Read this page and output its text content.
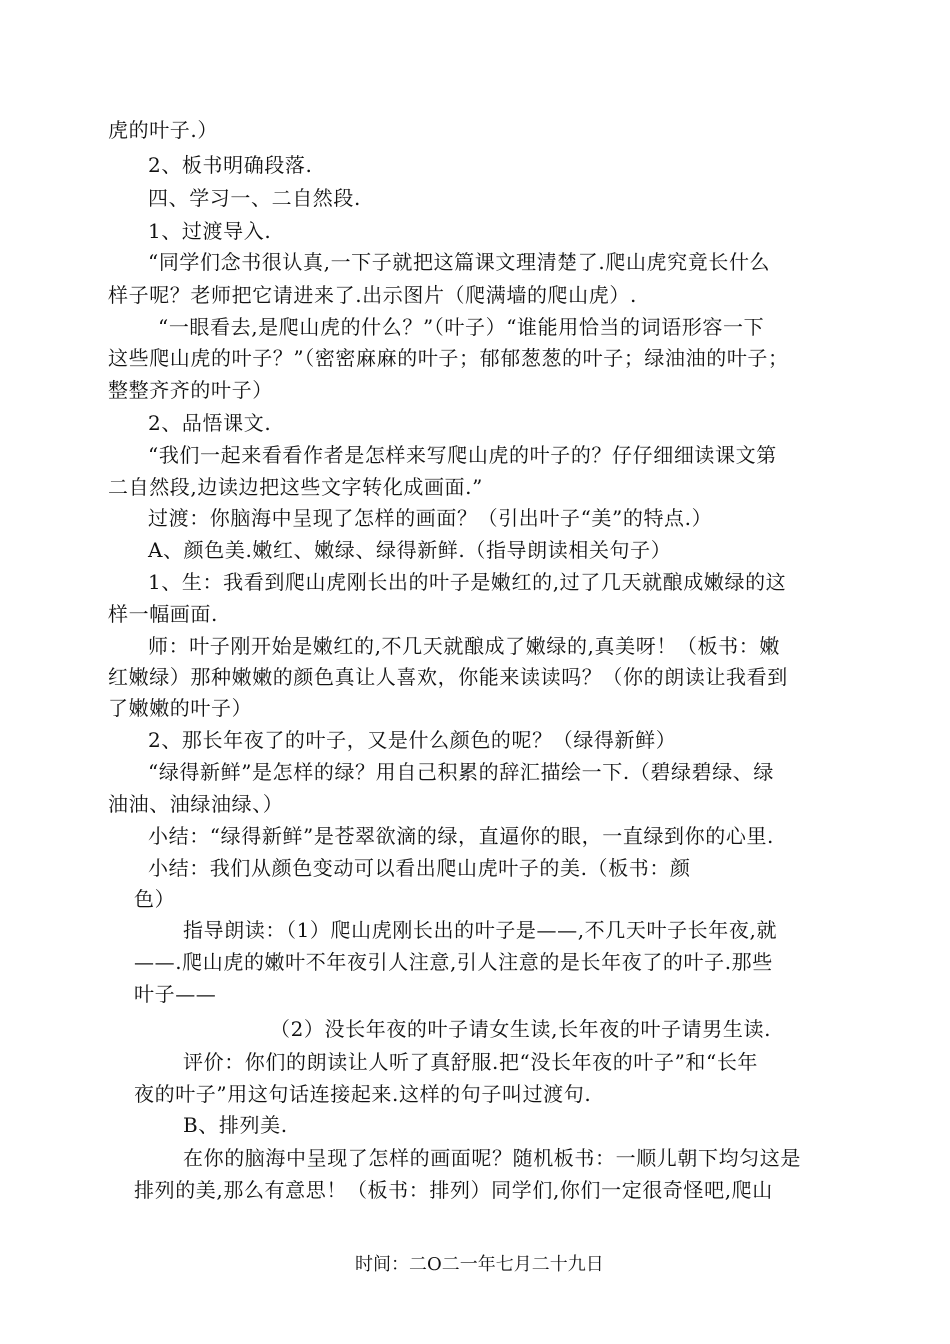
虎的叶子.）
2、板书明确段落.
四、学习一、二自然段.
1、过渡导入.
“同学们念书很认真,一下子就把这篇课文理清楚了.爬山虎究竟长什么
样子呢？老师把它请进来了.出示图片（爬满墙的爬山虎）.
“一眼看去,是爬山虎的什么？”（叶子）“谁能用恰当的词语形容一下
这些爬山虎的叶子？”（密密麻麻的叶子；郁郁葱葱的叶子；绿油油的叶子；
整整齐齐的叶子）
2、品悟课文.
“我们一起来看看作者是怎样来写爬山虎的叶子的？仔仔细细读课文第
二自然段,边读边把这些文字转化成画面.”
过渡：你脑海中呈现了怎样的画面？（引出叶子“美”的特点.）
A、颜色美.嫩红、嫩绿、绿得新鲜.（指导朗读相关句子）
1、生：我看到爬山虎刚长出的叶子是嫩红的,过了几天就酿成嫩绿的这
样一幅画面.
师：叶子刚开始是嫩红的,不几天就酿成了嫩绿的,真美呀！（板书：嫩
红嫩绿）那种嫩嫩的颜色真让人喜欢，你能来读读吗？（你的朗读让我看到
了嫩嫩的叶子）
2、那长年夜了的叶子，又是什么颜色的呢？（绿得新鲜）
“绿得新鲜”是怎样的绿？用自己积累的辞汇描绘一下.（碧绿碧绿、绿
油油、油绿油绿、）
小结：“绿得新鲜”是苍翠欲滴的绿，直逼你的眼，一直绿到你的心里.
小结：我们从颜色变动可以看出爬山虎叶子的美.（板书：颜
色）
指导朗读：（1）爬山虎刚长出的叶子是——,不几天叶子长年夜,就
——.爬山虎的嫩叶不年夜引人注意,引人注意的是长年夜了的叶子.那些
叶子——
（2）没长年夜的叶子请女生读,长年夜的叶子请男生读.
评价：你们的朗读让人听了真舒服.把“没长年夜的叶子”和“长年
夜的叶子”用这句话连接起来.这样的句子叫过渡句.
B、排列美.
在你的脑海中呈现了怎样的画面呢？随机板书：一顺儿朝下均匀这是
排列的美,那么有意思！（板书：排列）同学们,你们一定很奇怪吧,爬山
时间：二O二一年七月二十九日
